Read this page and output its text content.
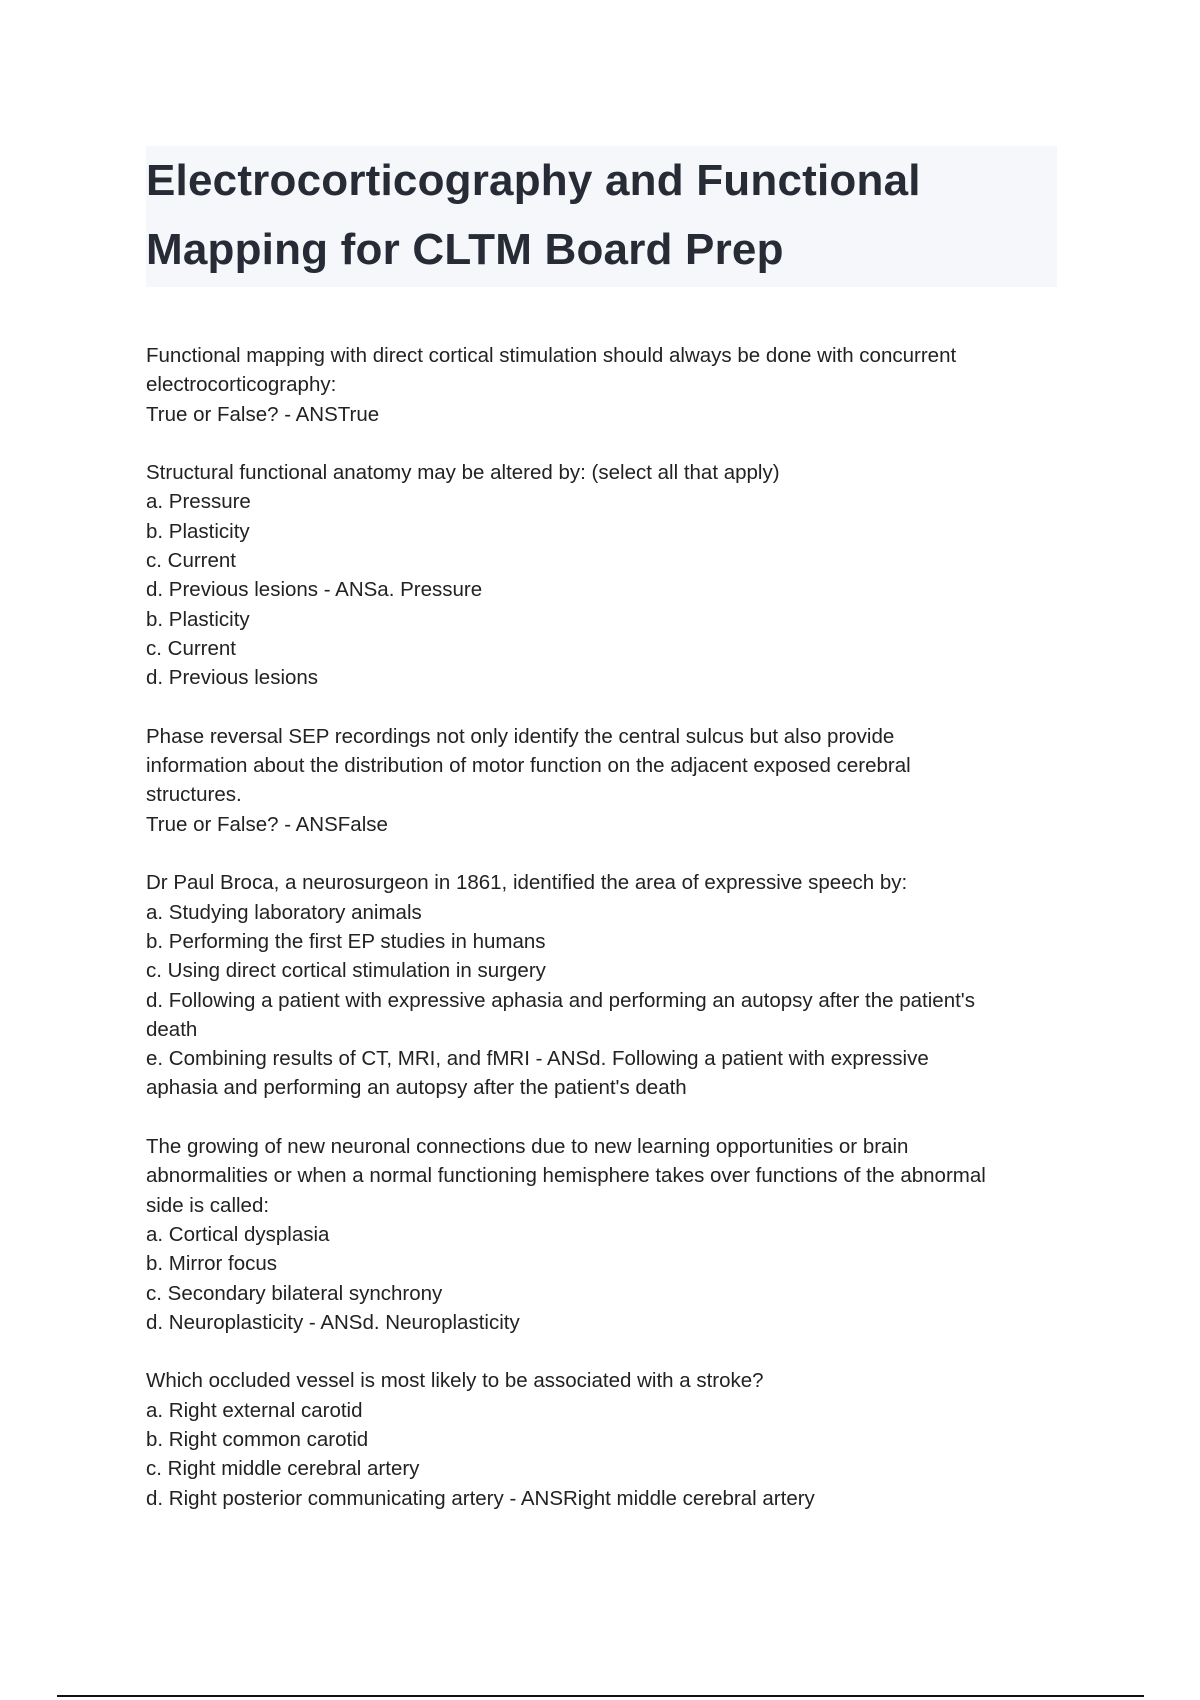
Electrocorticography and Functional
Mapping for CLTM Board Prep
Functional mapping with direct cortical stimulation should always be done with concurrent
electrocorticography:
True or False? - ANSTrue
Structural functional anatomy may be altered by: (select all that apply)
a. Pressure
b. Plasticity
c. Current
d. Previous lesions - ANSa. Pressure
b. Plasticity
c. Current
d. Previous lesions
Phase reversal SEP recordings not only identify the central sulcus but also provide
information about the distribution of motor function on the adjacent exposed cerebral
structures.
True or False? - ANSFalse
Dr Paul Broca, a neurosurgeon in 1861, identified the area of expressive speech by:
a. Studying laboratory animals
b. Performing the first EP studies in humans
c. Using direct cortical stimulation in surgery
d. Following a patient with expressive aphasia and performing an autopsy after the patient's
death
e. Combining results of CT, MRI, and fMRI - ANSd. Following a patient with expressive
aphasia and performing an autopsy after the patient's death
The growing of new neuronal connections due to new learning opportunities or brain
abnormalities or when a normal functioning hemisphere takes over functions of the abnormal
side is called:
a. Cortical dysplasia
b. Mirror focus
c. Secondary bilateral synchrony
d. Neuroplasticity - ANSd. Neuroplasticity
Which occluded vessel is most likely to be associated with a stroke?
a. Right external carotid
b. Right common carotid
c. Right middle cerebral artery
d. Right posterior communicating artery - ANSRight middle cerebral artery
